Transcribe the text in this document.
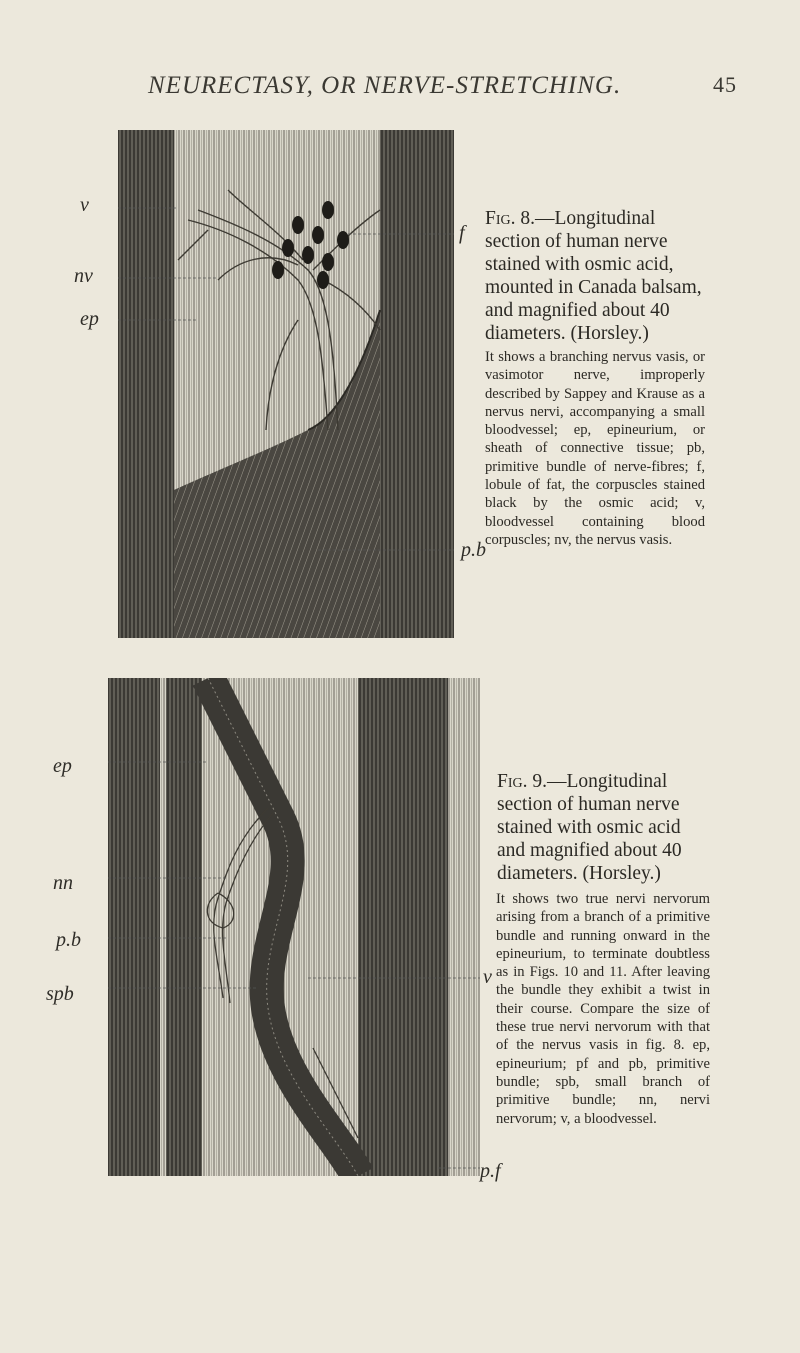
NEURECTASY, OR NERVE-STRETCHING.	45
v
nv
ep
f
p.b
Fig. 8.—Longitudinal section of human nerve stained with osmic acid, mounted in Canada balsam, and magnified about 40 diameters. (Horsley.)
It shows a branching nervus vasis, or vasimotor nerve, improperly described by Sappey and Krause as a nervus nervi, accompanying a small bloodvessel; ep, epineurium, or sheath of connective tissue; pb, primitive bundle of nerve-fibres; f, lobule of fat, the corpuscles stained black by the osmic acid; v, bloodvessel containing blood corpuscles; nv, the nervus vasis.
ep
nn
p.b
spb
v
p.f
Fig. 9.—Longitudinal section of human nerve stained with osmic acid and magnified about 40 diameters. (Horsley.)
It shows two true nervi nervorum arising from a branch of a primitive bundle and running onward in the epineurium, to terminate doubtless as in Figs. 10 and 11. After leaving the bundle they exhibit a twist in their course. Compare the size of these true nervi nervorum with that of the nervus vasis in fig. 8. ep, epineurium; pf and pb, primitive bundle; spb, small branch of primitive bundle; nn, nervi nervorum; v, a bloodvessel.
